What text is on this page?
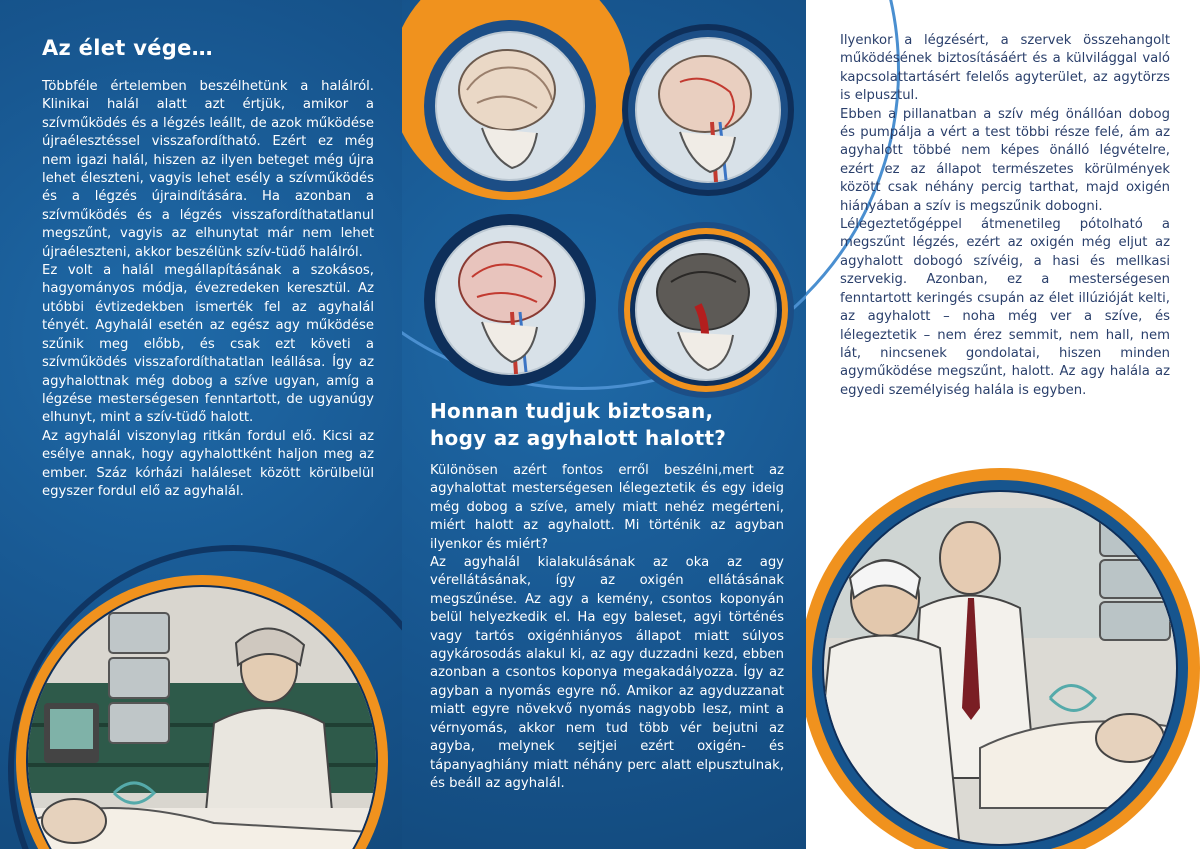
Az élet vége…

Többféle értelemben beszélhetünk a halálról. Klinikai halál alatt azt értjük, amikor a szívműködés és a légzés leállt, de azok működése újraélesztéssel visszafordítható. Ezért ez még nem igazi halál, hiszen az ilyen beteget még újra lehet éleszteni, vagyis lehet esély a szívműködés és a légzés újraindítására. Ha azonban a szívműködés és a légzés visszafordíthatatlanul megszűnt, vagyis az elhunytat már nem lehet újraéleszteni, akkor beszélünk szív-tüdő halálról.

Ez volt a halál megállapításának a szokásos, hagyományos módja, évezredeken keresztül. Az utóbbi évtizedekben ismerték fel az agyhalál tényét. Agyhalál esetén az egész agy működése szűnik meg előbb, és csak ezt követi a szívműködés visszafordíthatatlan leállása. Így az agyhalottnak még dobog a szíve ugyan, amíg a légzése mesterségesen fenntartott, de ugyanúgy elhunyt, mint a szív-tüdő halott.

Az agyhalál viszonylag ritkán fordul elő. Kicsi az esélye annak, hogy agyhalottként haljon meg az ember. Száz kórházi haláleset között körülbelül egyszer fordul elő az agyhalál.

Honnan tudjuk biztosan,
hogy az agyhalott halott?

Különösen azért fontos erről beszélni,mert az agyhalottat mesterségesen lélegeztetik és egy ideig még dobog a szíve, amely miatt nehéz megérteni, miért halott az agyhalott. Mi történik az agyban ilyenkor és miért?

Az agyhalál kialakulásának az oka az agy vérellátásának, így az oxigén ellátásának megszűnése. Az agy a kemény, csontos koponyán belül helyezkedik el. Ha egy baleset, agyi történés vagy tartós oxigénhiányos állapot miatt súlyos agykárosodás alakul ki, az agy duzzadni kezd, ebben azonban a csontos koponya megakadályozza. Így az agyban a nyomás egyre nő. Amikor az agyduzzanat miatt egyre növekvő nyomás nagyobb lesz, mint a vérnyomás, akkor nem tud több vér bejutni az agyba, melynek sejtjei ezért oxigén- és tápanyaghiány miatt néhány perc alatt elpusztulnak, és beáll az agyhalál.

Ilyenkor a légzésért, a szervek összehangolt működésének biztosításáért és a külvilággal való kapcsolattartásért felelős agyterület, az agytörzs is elpusztul.

Ebben a pillanatban a szív még önállóan dobog és pumpálja a vért a test többi része felé, ám az agyhalott többé nem képes önálló légvételre, ezért ez az állapot természetes körülmények között csak néhány percig tarthat, majd oxigén hiányában a szív is megszűnik dobogni.

Lélegeztetőgéppel átmenetileg pótolható a megszűnt légzés, ezért az oxigén még eljut az agyhalott dobogó szívéig, a hasi és mellkasi szervekig. Azonban, ez a mesterségesen fenntartott keringés csupán az élet illúzióját kelti, az agyhalott – noha még ver a szíve, és lélegeztetik – nem érez semmit, nem hall, nem lát, nincsenek gondolatai, hiszen minden agyműködése megszűnt, halott. Az agy halála az egyedi személyiség halála is egyben.
